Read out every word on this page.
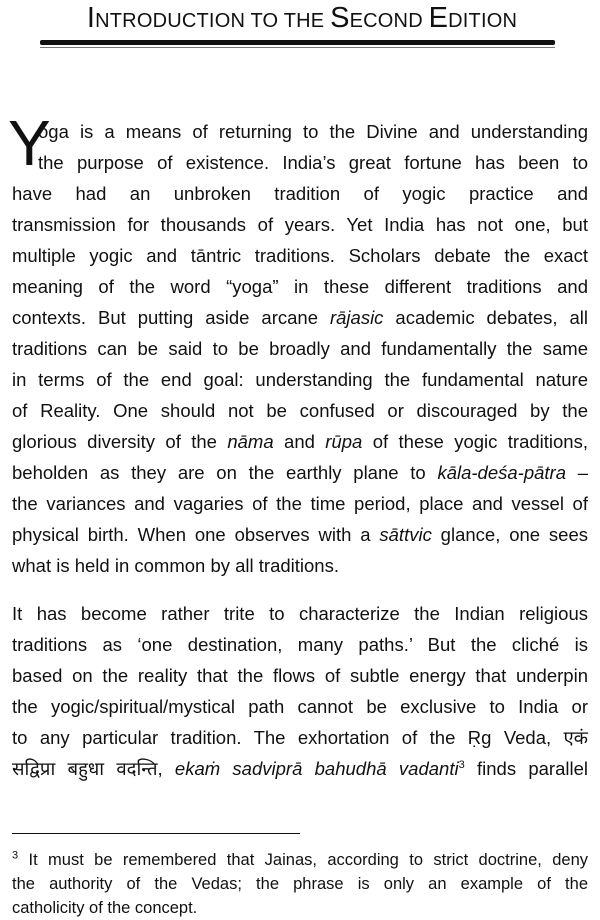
INTRODUCTION TO THE SECOND EDITION
Y
oga is a means of returning to the Divine and understanding
the purpose of existence. India’s great fortune has been to
have had an unbroken tradition of yogic practice and
transmission for thousands of years. Yet India has not one, but
multiple yogic and tāntric traditions. Scholars debate the exact
meaning of the word “yoga” in these different traditions and
contexts. But putting aside arcane rājasic academic debates, all
traditions can be said to be broadly and fundamentally the same
in terms of the end goal: understanding the fundamental nature
of Reality. One should not be confused or discouraged by the
glorious diversity of the nāma and rūpa of these yogic traditions,
beholden as they are on the earthly plane to kāla-deśa-pātra –
the variances and vagaries of the time period, place and vessel of
physical birth. When one observes with a sāttvic glance, one sees
what is held in common by all traditions.
It has become rather trite to characterize the Indian religious
traditions as ‘one destination, many paths.’ But the cliché is
based on the reality that the flows of subtle energy that underpin
the yogic/spiritual/mystical path cannot be exclusive to India or
to any particular tradition. The exhortation of the Ṛg Veda, एकं
सद्विप्रा बहुधा वदन्ति, ekaṁ sadviprā bahudhā vadanti$^3$ finds parallel
$^3$ It must be remembered that Jainas, according to strict doctrine, deny
the authority of the Vedas; the phrase is only an example of the
catholicity of the concept.
